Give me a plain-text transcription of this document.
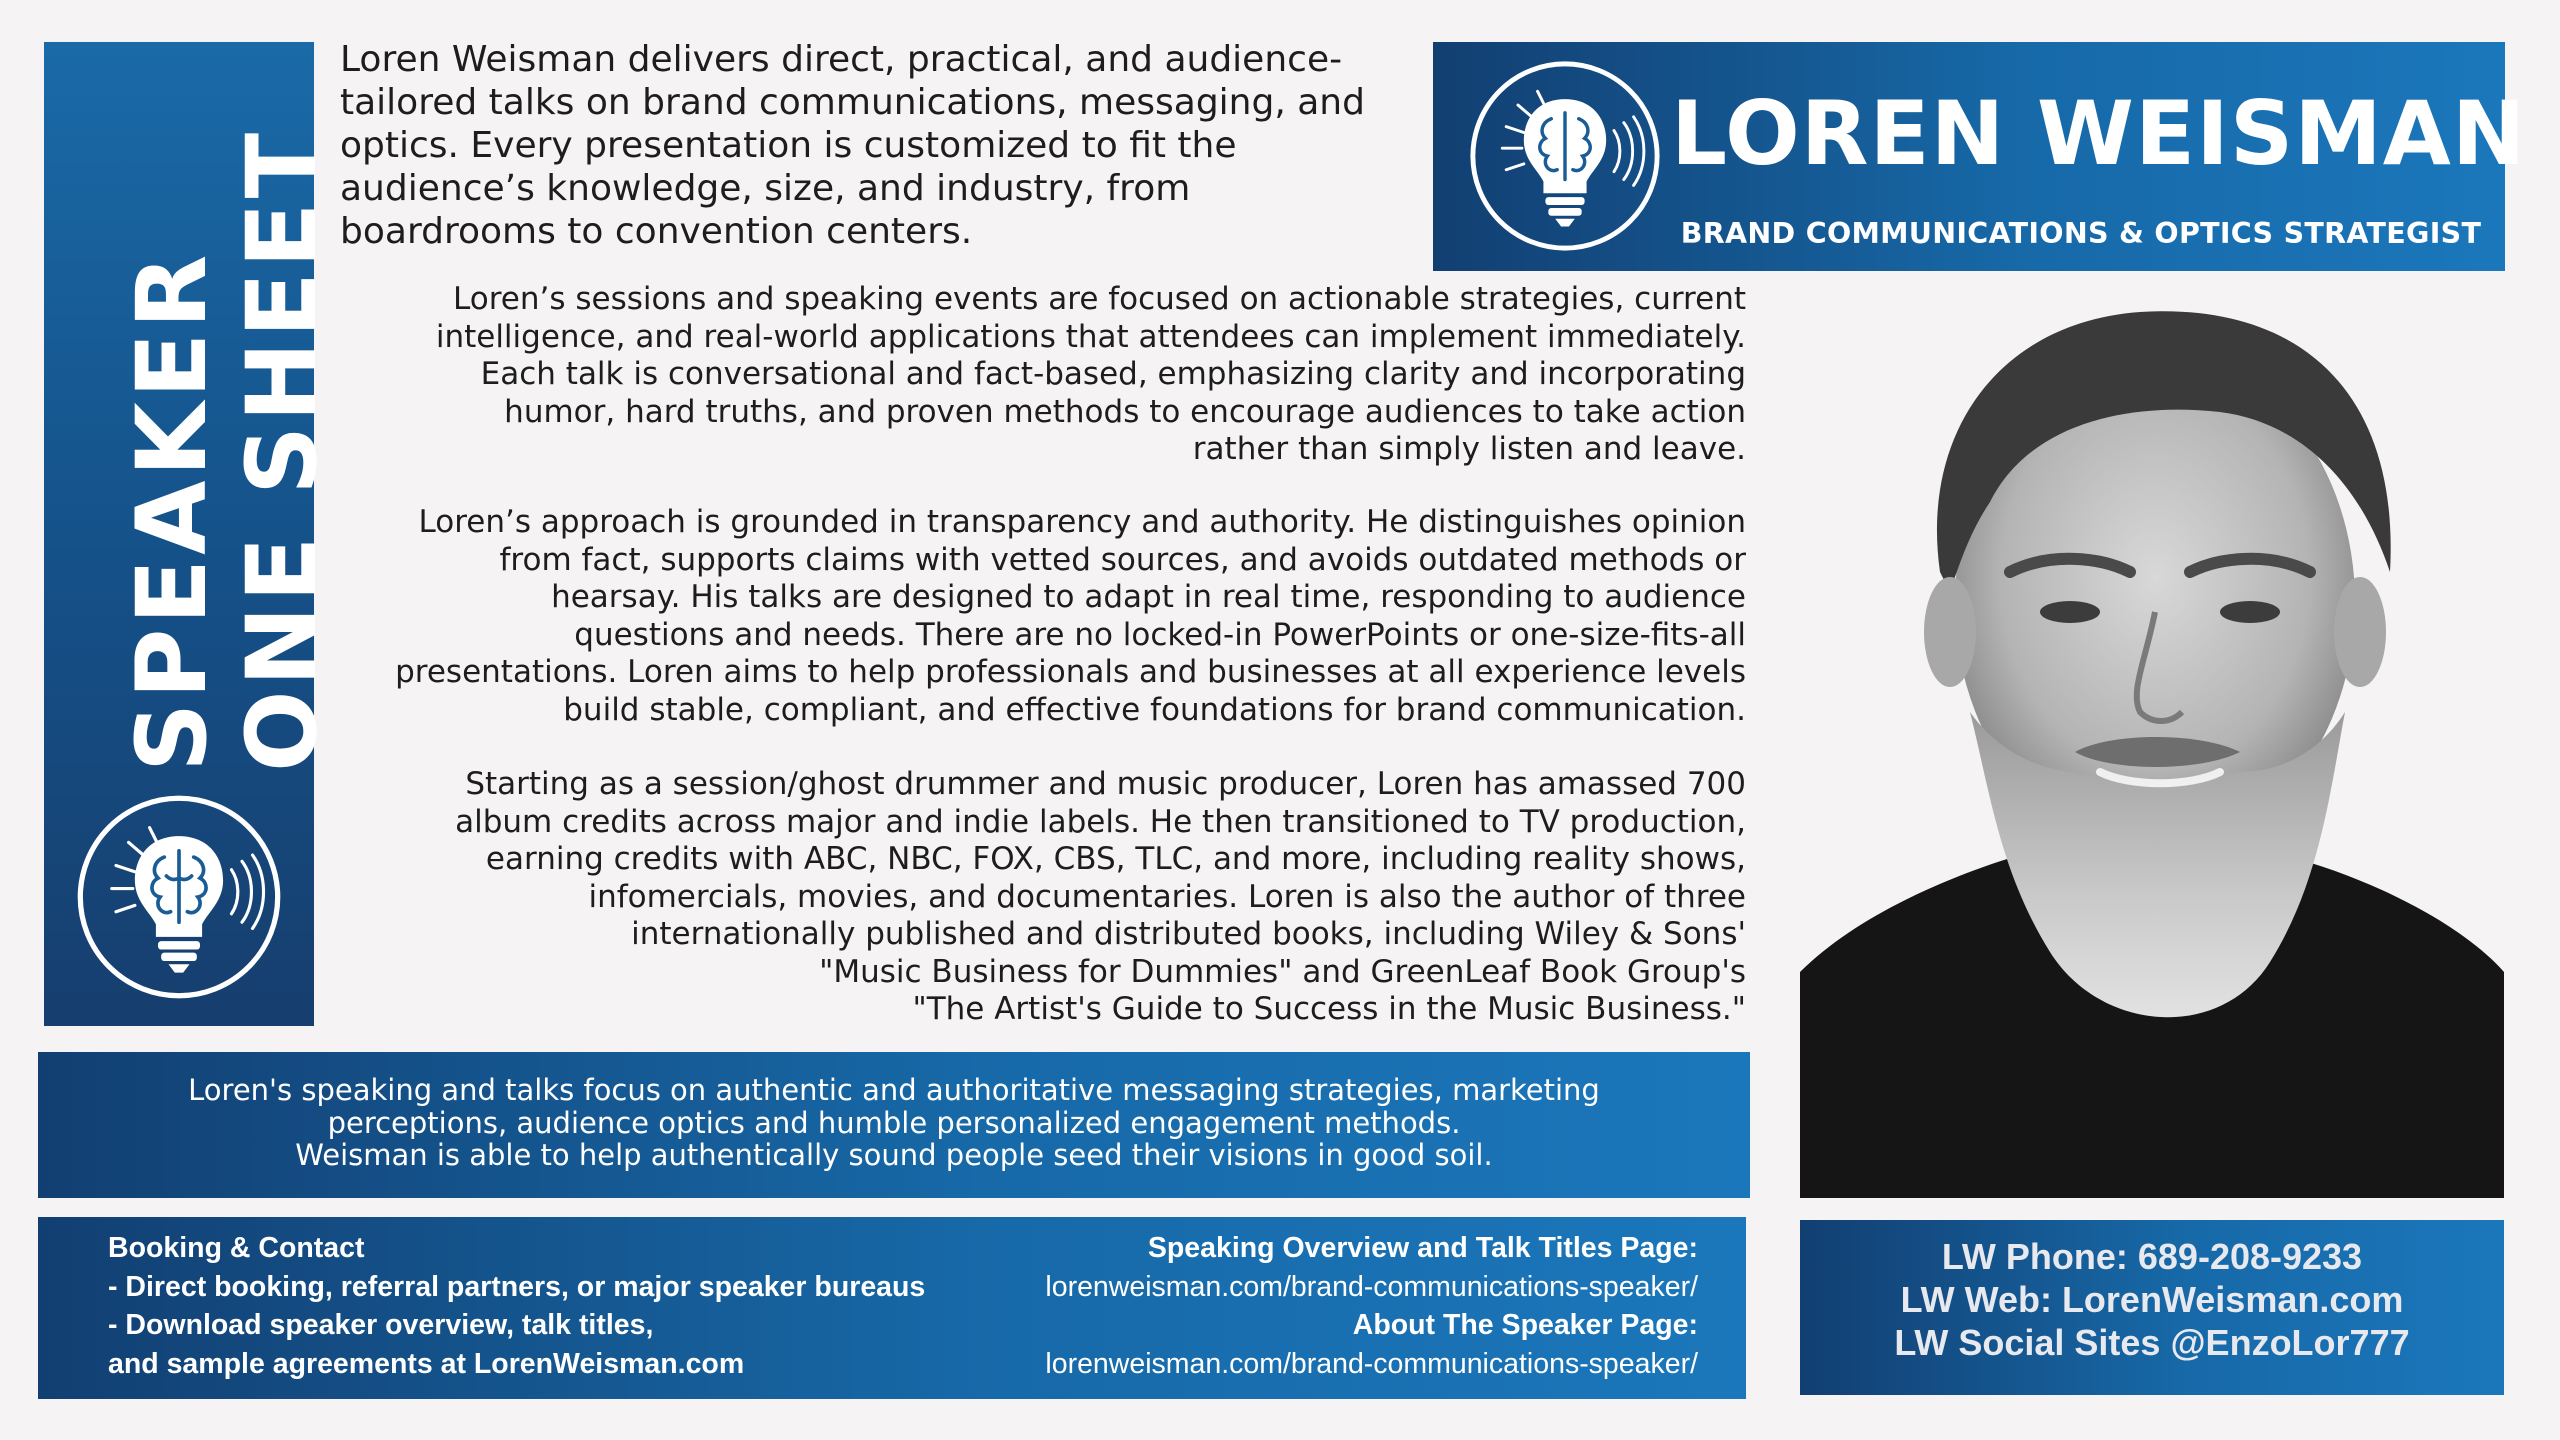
SPEAKER
ONE SHEET
Loren Weisman delivers direct, practical, and audience-tailored talks on brand communications, messaging, and optics. Every presentation is customized to fit the audience’s knowledge, size, and industry, from boardrooms to convention centers.
LOREN WEISMAN
BRAND COMMUNICATIONS & OPTICS STRATEGIST
Loren’s sessions and speaking events are focused on actionable strategies, current
intelligence, and real-world applications that attendees can implement immediately.
Each talk is conversational and fact-based, emphasizing clarity and incorporating
humor, hard truths, and proven methods to encourage audiences to take action
rather than simply listen and leave.
Loren’s approach is grounded in transparency and authority. He distinguishes opinion
from fact, supports claims with vetted sources, and avoids outdated methods or
hearsay. His talks are designed to adapt in real time, responding to audience
questions and needs. There are no locked-in PowerPoints or one-size-fits-all
presentations. Loren aims to help professionals and businesses at all experience levels
build stable, compliant, and effective foundations for brand communication.
Starting as a session/ghost drummer and music producer, Loren has amassed 700
album credits across major and indie labels. He then transitioned to TV production,
earning credits with ABC, NBC, FOX, CBS, TLC, and more, including reality shows,
infomercials, movies, and documentaries. Loren is also the author of three
internationally published and distributed books, including Wiley & Sons'
"Music Business for Dummies" and GreenLeaf Book Group's
"The Artist's Guide to Success in the Music Business."
Loren's speaking and talks focus on authentic and authoritative messaging strategies, marketing
perceptions, audience optics and humble personalized engagement methods.
Weisman is able to help authentically sound people seed their visions in good soil.
Booking & Contact
- Direct booking, referral partners, or major speaker bureaus
- Download speaker overview, talk titles,
and sample agreements at LorenWeisman.com
Speaking Overview and Talk Titles Page:
lorenweisman.com/brand-communications-speaker/
About The Speaker Page:
lorenweisman.com/brand-communications-speaker/
LW Phone: 689-208-9233
LW Web: LorenWeisman.com
LW Social Sites @EnzoLor777
